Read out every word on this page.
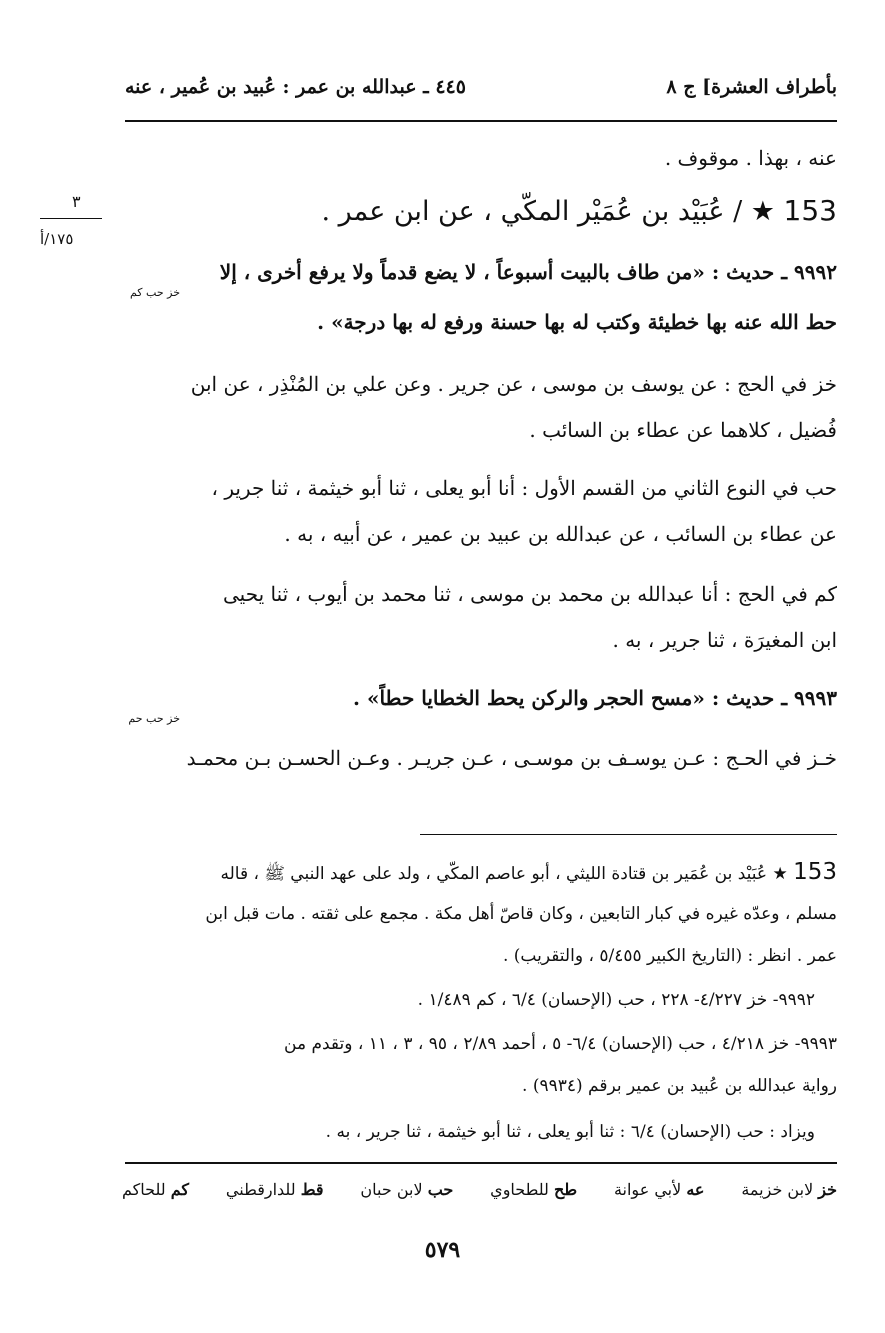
بأطراف العشرة] ج ٨
٤٤٥ ـ عبدالله بن عمر : عُبيد بن عُمير ، عنه
٣
١٧٥/أ
عنه ، بهذا . موقوف .
153 ★ / عُبَيْد بن عُمَيْر المكّي ، عن ابن عمر .
٩٩٩٢ ـ حديث : «من طاف بالبيت أسبوعاً ، لا يضع قدماً ولا يرفع أخرى ، إلا
خز حب كم
حط الله عنه بها خطيئة وكتب له بها حسنة ورفع له بها درجة» .
خز في الحج : عن يوسف بن موسى ، عن جرير . وعن علي بن المُنْذِر ، عن ابن
فُضيل ، كلاهما عن عطاء بن السائب .
حب في النوع الثاني من القسم الأول : أنا أبو يعلى ، ثنا أبو خيثمة ، ثنا جرير ،
عن عطاء بن السائب ، عن عبدالله بن عبيد بن عمير ، عن أبيه ، به .
كم في الحج : أنا عبدالله بن محمد بن موسى ، ثنا محمد بن أيوب ، ثنا يحيى
ابن المغيرَة ، ثنا جرير ، به .
٩٩٩٣ ـ حديث : «مسح الحجر والركن يحط الخطايا حطاً» .
خز حب حم
خـز في الحـج : عـن يوسـف بن موسـى ، عـن جريـر . وعـن الحسـن بـن محمـد
153 ★ عُبَيْد بن عُمَير بن قتادة الليثي ، أبو عاصم المكّي ، ولد على عهد النبي ﷺ ، قاله
مسلم ، وعدّه غيره في كبار التابعين ، وكان قاصّ أهل مكة . مجمع على ثقته . مات قبل ابن
عمر . انظر : (التاريخ الكبير ٥/٤٥٥ ، والتقريب) .
٩٩٩٢- خز ٤/٢٢٧- ٢٢٨ ، حب (الإحسان) ٦/٤ ، كم ١/٤٨٩ .
٩٩٩٣- خز ٤/٢١٨ ، حب (الإحسان) ٦/٤- ٥ ، أحمد ٢/٨٩ ، ٩٥ ، ٣ ، ١١ ، وتقدم من
رواية عبدالله بن عُبيد بن عمير برقم (٩٩٣٤) .
ويزاد : حب (الإحسان) ٦/٤ : ثنا أبو يعلى ، ثنا أبو خيثمة ، ثنا جرير ، به .
خز لابن خزيمة
عه لأبي عوانة
طح للطحاوي
حب لابن حبان
قط للدارقطني
كم للحاكم
٥٧٩
